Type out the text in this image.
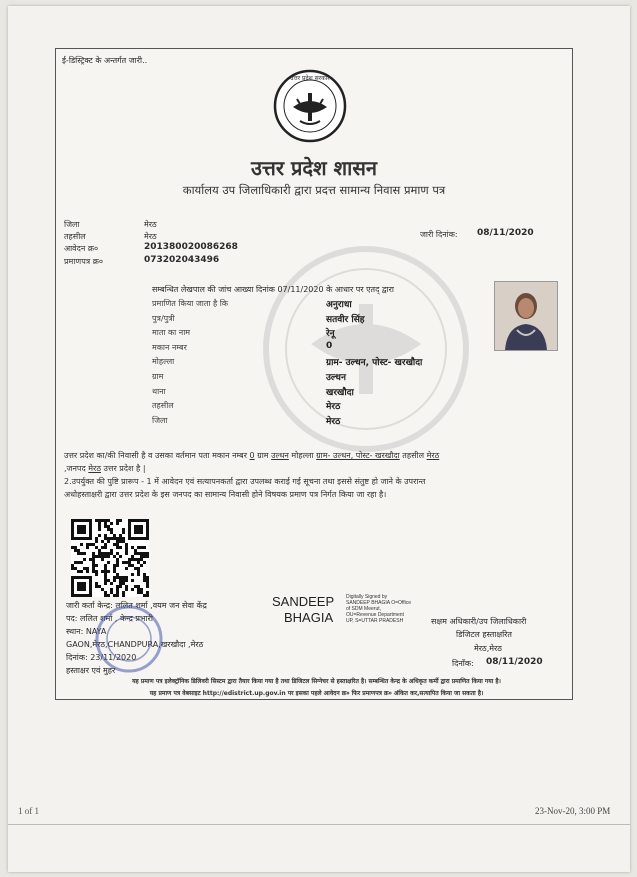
ई-डिस्ट्रिक्ट के अन्तर्गत जारी..
उत्तर प्रदेश सरकार
उत्तर प्रदेश शासन
कार्यालय उप जिलाधिकारी द्वारा प्रदत्त सामान्य निवास प्रमाण पत्र
जिला	मेरठ
तहसील	मेरठ
आवेदन क्र०	201380020086268
प्रमाणपत्र क्र०	073202043496
जारी दिनांक: 08/11/2020
सम्बन्धित लेखपाल की जांच आख्या दिनांक 07/11/2020 के आधार पर एतद् द्वारा
प्रमाणित किया जाता है कि	अनुराधा
पुत्र/पुत्री	सतवीर सिंह
माता का नाम	रेनू
मकान नम्बर	0
मोहल्ला	ग्राम- उल्धन, पोस्ट- खरखौदा
ग्राम	उल्धन
थाना	खरखौदा
तहसील	मेरठ
जिला	मेरठ
उत्तर प्रदेश का/की निवासी है व उसका वर्तमान पता मकान नम्बर 0 ग्राम उल्धन मोहल्ला ग्राम- उल्धन, पोस्ट- खरखौदा तहसील मेरठ
,जनपद मेरठ उत्तर प्रदेश है |
2.उपर्युक्त की पुष्टि प्रारूप - 1 में आवेदन एवं सत्यापनकर्ता द्वारा उपलब्ध कराई गई सूचना तथा इससे संतुष्ट हो जाने के उपरान्त
अधोहस्ताक्षरी द्वारा उत्तर प्रदेश के इस जनपद का सामान्य निवासी होने विषयक प्रमाण पत्र निर्गत किया जा रहा है।
जारी कर्ता केन्द्र: ललित शर्मा ,वयम जन सेवा केंद्र
पद: ललित शर्मा , केन्द्र प्रभारी
स्थान: NAYA
GAON,मेरठ,CHANDPURA,खरखौदा ,मेरठ
दिनांक: 23/11/2020
हस्ताक्षर एवं मुहर
SANDEEP
BHAGIA
Digitally Signed by
SANDEEP BHAGIA O=Office
of SDM Meerut,
OU=Revenue Department
UP, S=UTTAR PRADESH	सक्षम अधिकारी/उप जिलाधिकारी
डिजिटल हस्ताक्षरित
मेरठ,मेरठ
दिनाँक: 08/11/2020
यह प्रमाण पत्र इलेक्ट्रॉनिक डिलिवरी सिस्टम द्वारा तैयार किया गया है तथा डिजिटल सिग्नेचर से हस्ताक्षरित है। सम्बन्धित केन्द्र के अधिकृत कर्मी द्वारा प्रमाणित किया गया है।
यह प्रमाण पत्र वेबसाइट http://edistrict.up.gov.in पर इसका पहले आवेदन क्र० फिर प्रमाणपत्र क्र० अंकित कर,सत्यापित किया जा सकता है।
1 of 1	23-Nov-20, 3:00 PM
